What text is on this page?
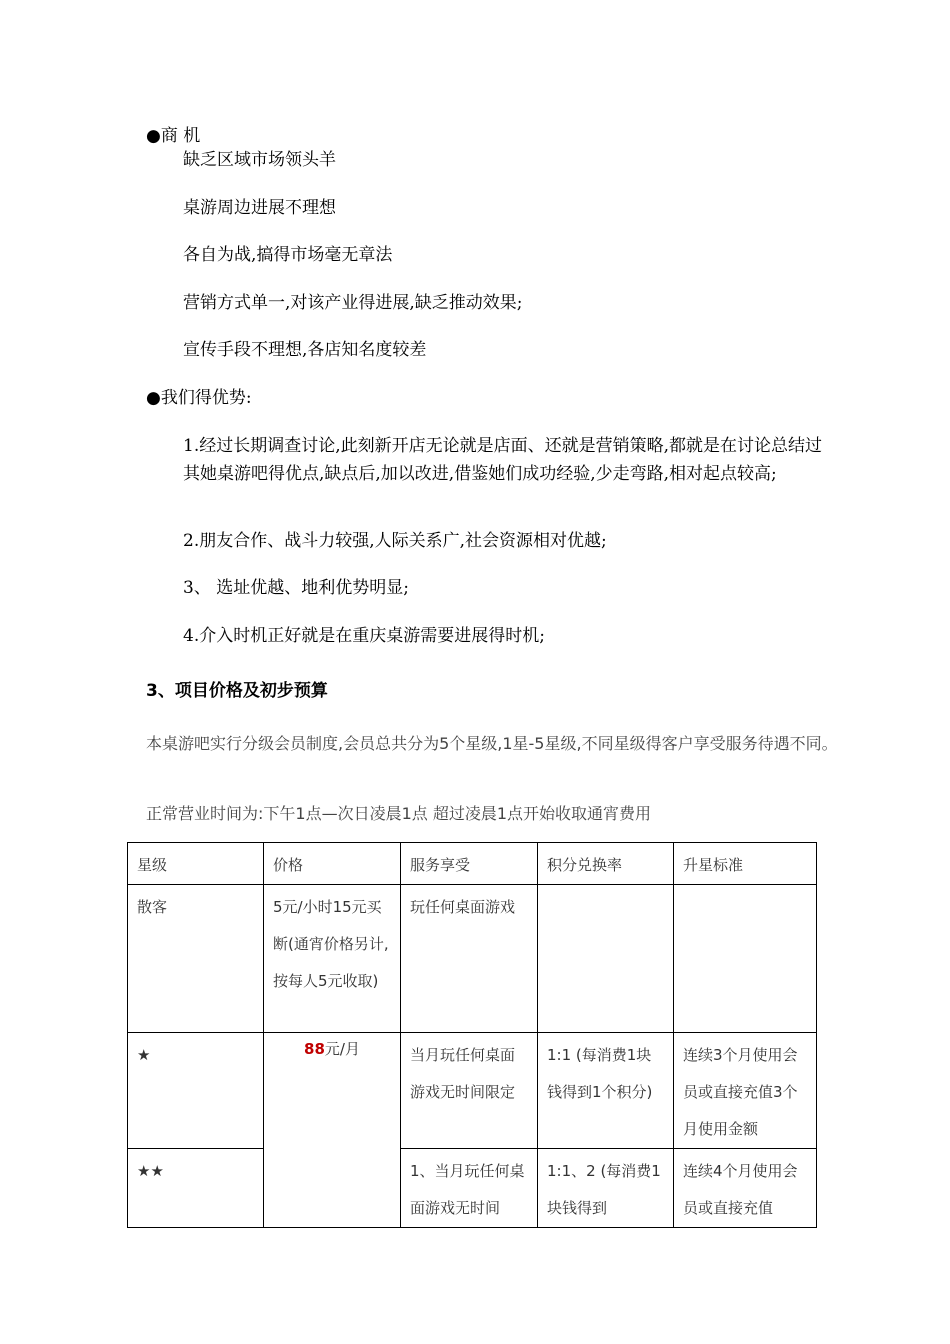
●商 机
缺乏区域市场领头羊
桌游周边进展不理想
各自为战,搞得市场毫无章法
营销方式单一,对该产业得进展,缺乏推动效果;
宣传手段不理想,各店知名度较差
●我们得优势:
1.经过长期调查讨论,此刻新开店无论就是店面、还就是营销策略,都就是在讨论总结过其她桌游吧得优点,缺点后,加以改进,借鉴她们成功经验,少走弯路,相对起点较高;
2.朋友合作、战斗力较强,人际关系广,社会资源相对优越;
3、 选址优越、地利优势明显;
4.介入时机正好就是在重庆桌游需要进展得时机;
3、项目价格及初步预算
本桌游吧实行分级会员制度,会员总共分为5个星级,1星-5星级,不同星级得客户享受服务待遇不同。
正常营业时间为:下午1点—次日凌晨1点 超过凌晨1点开始收取通宵费用
星级	价格	服务享受	积分兑换率	升星标准
散客	5元/小时15元买断(通宵价格另计,按每人5元收取)	玩任何桌面游戏		
★	88元/月	当月玩任何桌面游戏无时间限定	1:1 (每消费1块钱得到1个积分)	连续3个月使用会员或直接充值3个月使用金额
★★		1、当月玩任何桌面游戏无时间	1:1、2 (每消费1块钱得到	连续4个月使用会员或直接充值
